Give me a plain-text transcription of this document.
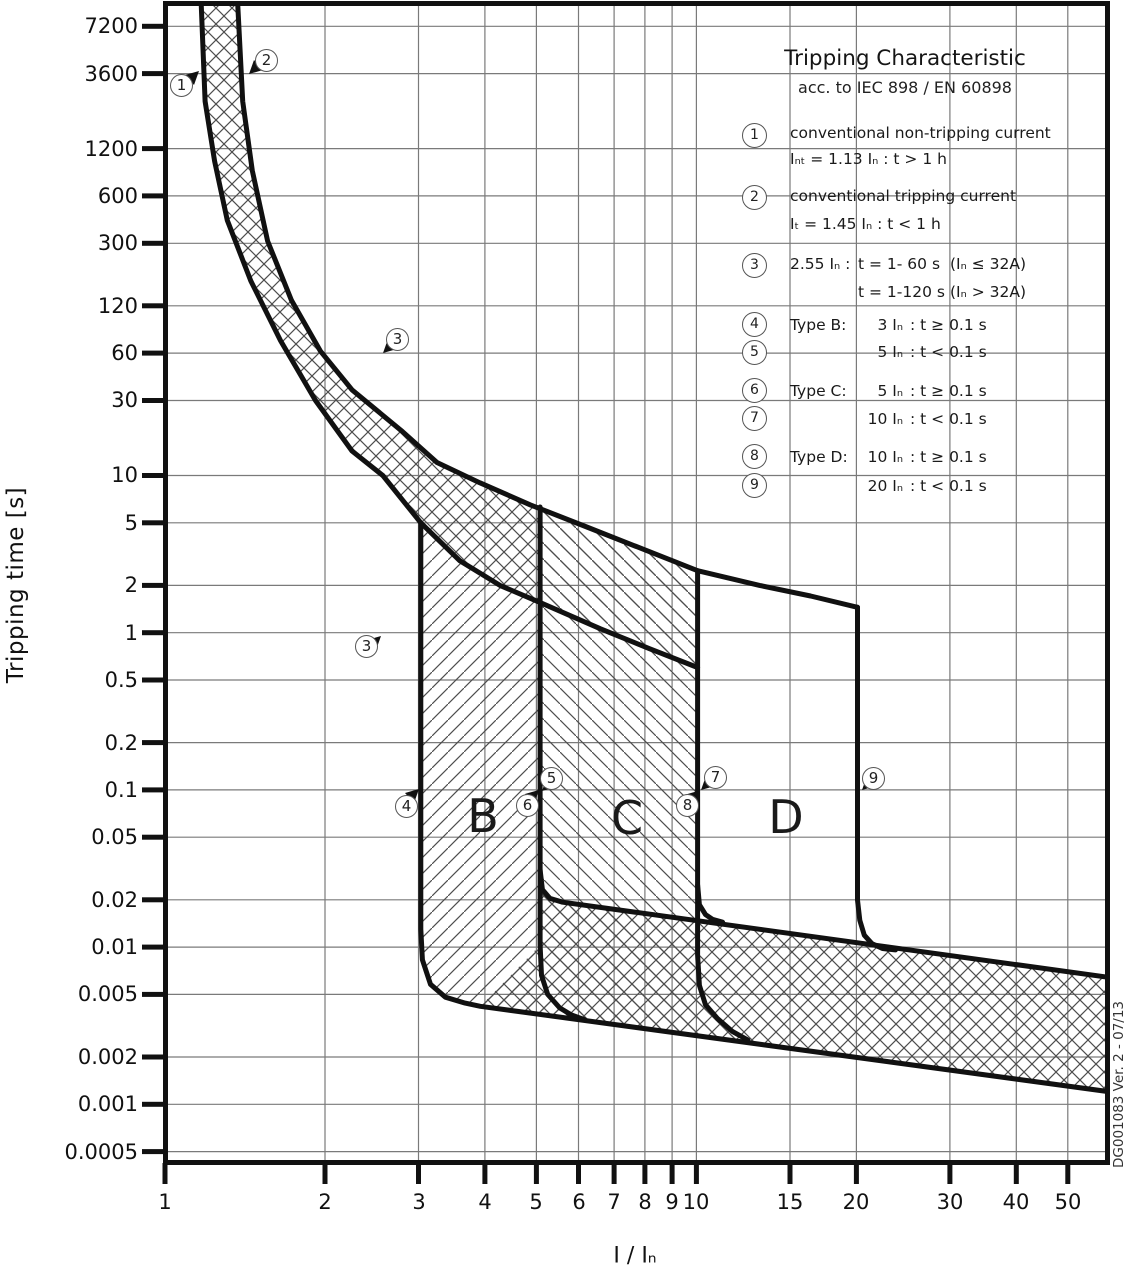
Tripping time [s]
I / Iₙ
Tripping Characteristic
acc. to IEC 898 / EN 60898
1	conventional non-tripping current
Iₙₜ = 1.13 Iₙ : t > 1 h
2	conventional tripping current
Iₜ = 1.45 Iₙ : t < 1 h
3	2.55 Iₙ : t = 1- 60 s (Iₙ ≤ 32A)
t = 1-120 s (Iₙ > 32A)
4	Type B:	3 Iₙ : t ≥ 0.1 s
5	5 Iₙ : t < 0.1 s
6	Type C:	5 Iₙ : t ≥ 0.1 s
7	10 Iₙ : t < 0.1 s
8	Type D:	10 Iₙ : t ≥ 0.1 s
9	20 Iₙ : t < 0.1 s
1
2
3
3
4
5
6
7
8
9
B C	D
DG001083 Ver. 2 - 07/13
7200
3600
1200
600
300
120
60
30
10
5
2
1
0.5
0.2
0.1
0.05
0.02
0.01
0.005
0.002
0.001
0.0005
1	2	3	4	5	6	7 8 9 10	15	20	30	40	50
